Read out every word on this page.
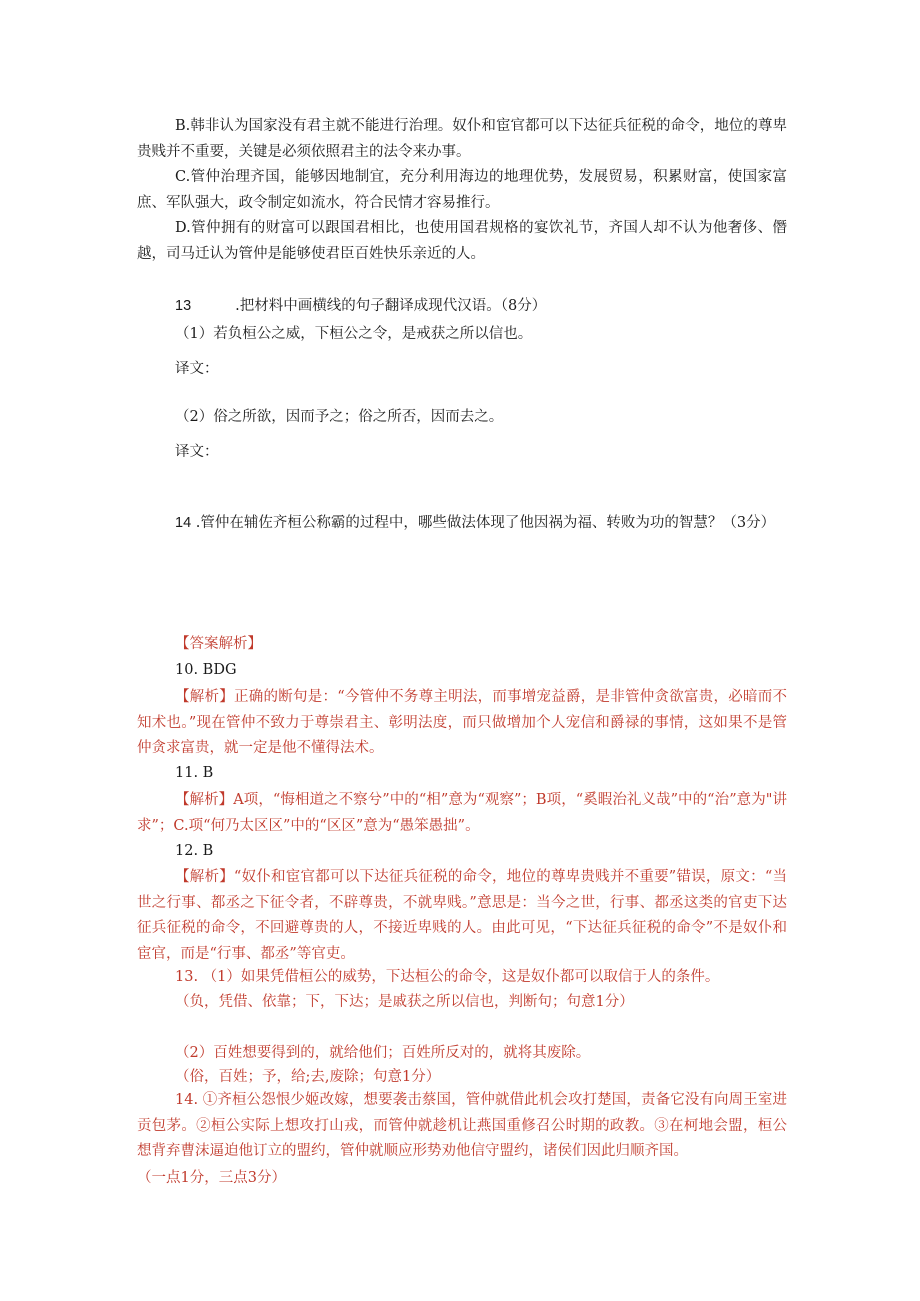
B.韩非认为国家没有君主就不能进行治理。奴仆和宦官都可以下达征兵征税的命令，地位的尊卑贵贱并不重要，关键是必须依照君主的法令来办事。

C.管仲治理齐国，能够因地制宜，充分利用海边的地理优势，发展贸易，积累财富，使国家富庶、军队强大，政令制定如流水，符合民情才容易推行。

D.管仲拥有的财富可以跟国君相比，也使用国君规格的宴饮礼节，齐国人却不认为他奢侈、僭越，司马迁认为管仲是能够使君臣百姓快乐亲近的人。

13	.把材料中画横线的句子翻译成现代汉语。（8分）
（1）若负桓公之威，下桓公之令，是戒获之所以信也。
译文：
（2）俗之所欲，因而予之；俗之所否，因而去之。
译文：

14 .管仲在辅佐齐桓公称霸的过程中，哪些做法体现了他因祸为福、转败为功的智慧？（3分）

【答案解析】
10. BDG

【解析】正确的断句是：“今管仲不务尊主明法，而事增宠益爵，是非管仲贪欲富贵，必暗而不知术也。”现在管仲不致力于尊崇君主、彰明法度，而只做增加个人宠信和爵禄的事情，这如果不是管仲贪求富贵，就一定是他不懂得法术。

11. B

【解析】A项，“悔相道之不察兮”中的“相”意为“观察”；B项，“奚暇治礼义哉”中的“治”意为"讲求”；C.项“何乃太区区”中的“区区”意为“愚笨愚拙”。

12. B

【解析】“奴仆和宦官都可以下达征兵征税的命令，地位的尊卑贵贱并不重要”错误，原文：“当世之行事、都丞之下征令者，不辟尊贵，不就卑贱。”意思是：当今之世，行事、都丞这类的官吏下达征兵征税的命令，不回避尊贵的人，不接近卑贱的人。由此可见，“下达征兵征税的命令”不是奴仆和宦官，而是“行事、都丞”等官吏。

13. （1）如果凭借桓公的威势，下达桓公的命令，这是奴仆都可以取信于人的条件。
（负，凭借、依靠；下，下达；是戚获之所以信也，判断句；句意1分）
（2）百姓想要得到的，就给他们；百姓所反对的，就将其废除。
（俗，百姓；予，给;去,废除；句意1分）

14. ①齐桓公怨恨少姬改嫁，想要袭击蔡国，管仲就借此机会攻打楚国，责备它没有向周王室进贡包茅。②桓公实际上想攻打山戎，而管仲就趁机让燕国重修召公时期的政教。③在柯地会盟，桓公想背弃曹沫逼迫他订立的盟约，管仲就顺应形势劝他信守盟约，诸侯们因此归顺齐国。

（一点1分，三点3分）
